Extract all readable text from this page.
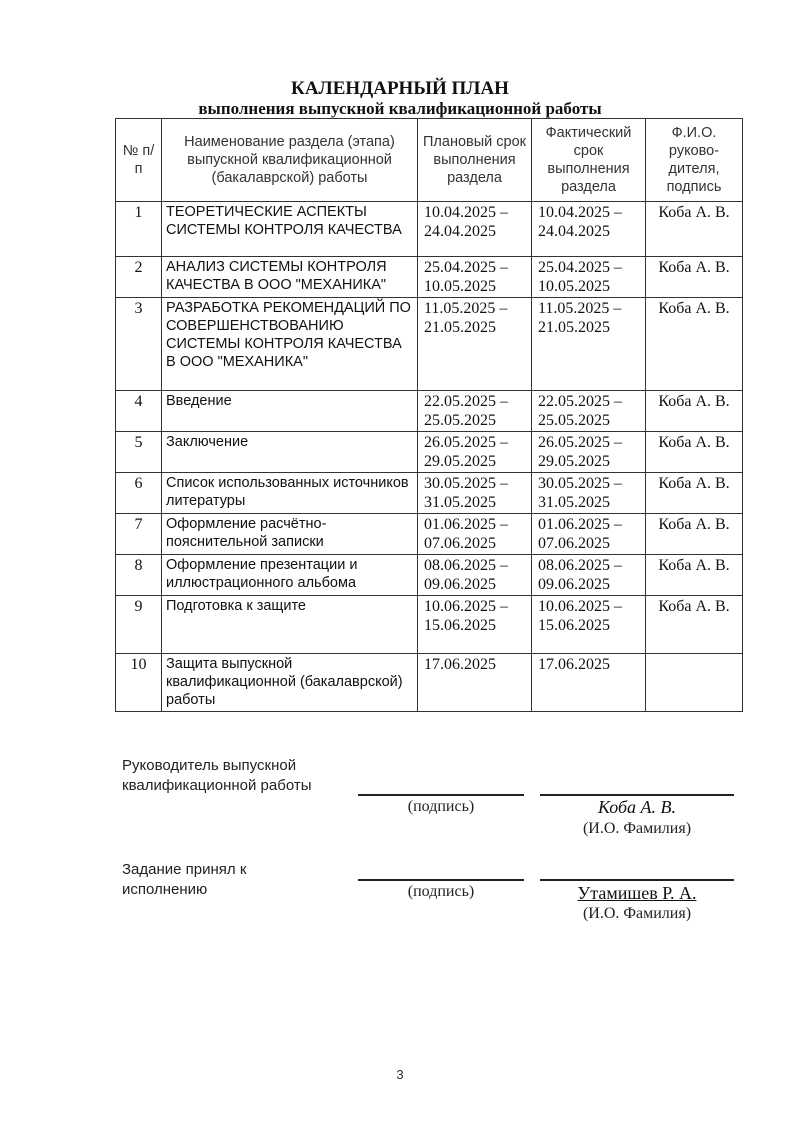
КАЛЕНДАРНЫЙ ПЛАН
выполнения выпускной квалификационной работы
№ п/п	Наименование раздела (этапа) выпускной квалификационной (бакалаврской) работы	Плановый срок выполнения раздела	Фактический срок выполнения раздела	Ф.И.О. руково-дителя, подпись
1	ТЕОРЕТИЧЕСКИЕ АСПЕКТЫ СИСТЕМЫ КОНТРОЛЯ КАЧЕСТВА	10.04.2025 – 24.04.2025	10.04.2025 – 24.04.2025	Коба А. В.
2	АНАЛИЗ СИСТЕМЫ КОНТРОЛЯ КАЧЕСТВА В ООО "МЕХАНИКА"	25.04.2025 – 10.05.2025	25.04.2025 – 10.05.2025	Коба А. В.
3	РАЗРАБОТКА РЕКОМЕНДАЦИЙ ПО СОВЕРШЕНСТВОВАНИЮ СИСТЕМЫ КОНТРОЛЯ КАЧЕСТВА В ООО "МЕХАНИКА"	11.05.2025 – 21.05.2025	11.05.2025 – 21.05.2025	Коба А. В.
4	Введение	22.05.2025 – 25.05.2025	22.05.2025 – 25.05.2025	Коба А. В.
5	Заключение	26.05.2025 – 29.05.2025	26.05.2025 – 29.05.2025	Коба А. В.
6	Список использованных источников литературы	30.05.2025 – 31.05.2025	30.05.2025 – 31.05.2025	Коба А. В.
7	Оформление расчётно-пояснительной записки	01.06.2025 – 07.06.2025	01.06.2025 – 07.06.2025	Коба А. В.
8	Оформление презентации и иллюстрационного альбома	08.06.2025 – 09.06.2025	08.06.2025 – 09.06.2025	Коба А. В.
9	Подготовка к защите	10.06.2025 – 15.06.2025	10.06.2025 – 15.06.2025	Коба А. В.
10	Защита выпускной квалификационной (бакалаврской) работы	17.06.2025	17.06.2025	
Руководитель выпускной квалификационной работы
(подпись)	Коба А. В.
(И.О. Фамилия)
Задание принял к исполнению	(подпись)	Утамишев Р. А.
(И.О. Фамилия)
3
